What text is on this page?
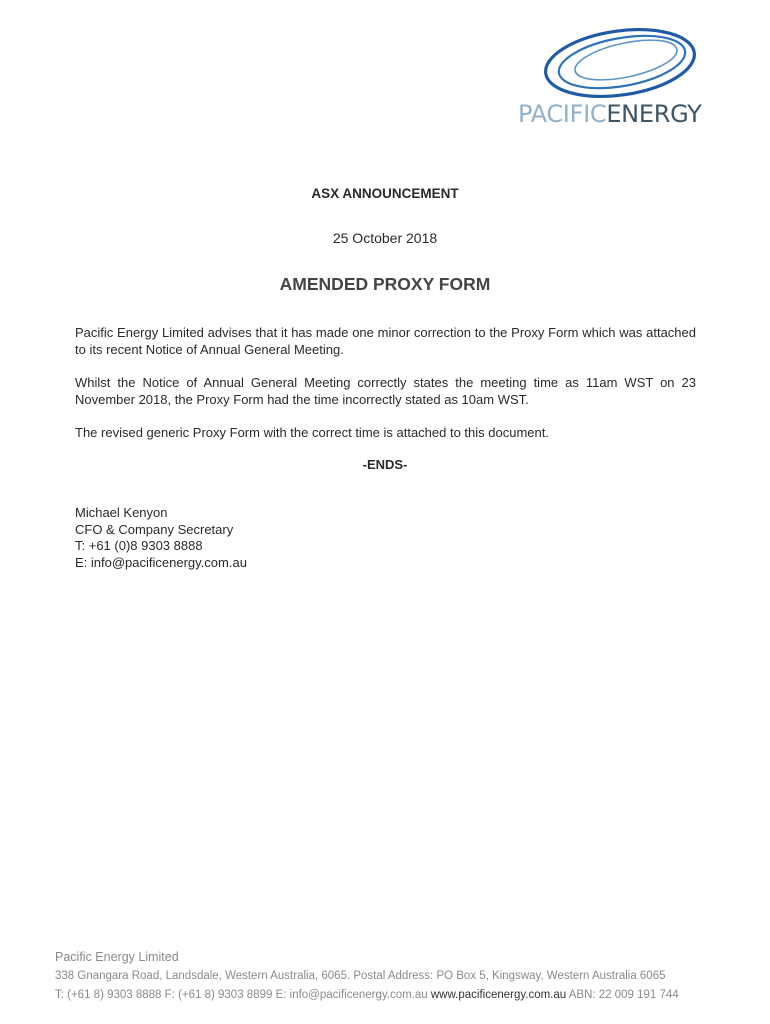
PACIFICENERGY
ASX ANNOUNCEMENT
25 October 2018
AMENDED PROXY FORM
Pacific Energy Limited advises that it has made one minor correction to the Proxy Form which was attached to its recent Notice of Annual General Meeting.
Whilst the Notice of Annual General Meeting correctly states the meeting time as 11am WST on 23 November 2018, the Proxy Form had the time incorrectly stated as 10am WST.
The revised generic Proxy Form with the correct time is attached to this document.
-ENDS-
Michael Kenyon
CFO & Company Secretary
T: +61 (0)8 9303 8888
E: info@pacificenergy.com.au
Pacific Energy Limited
338 Gnangara Road, Landsdale, Western Australia, 6065. Postal Address: PO Box 5, Kingsway, Western Australia 6065
T: (+61 8) 9303 8888 F: (+61 8) 9303 8899 E: info@pacificenergy.com.au www.pacificenergy.com.au ABN: 22 009 191 744
